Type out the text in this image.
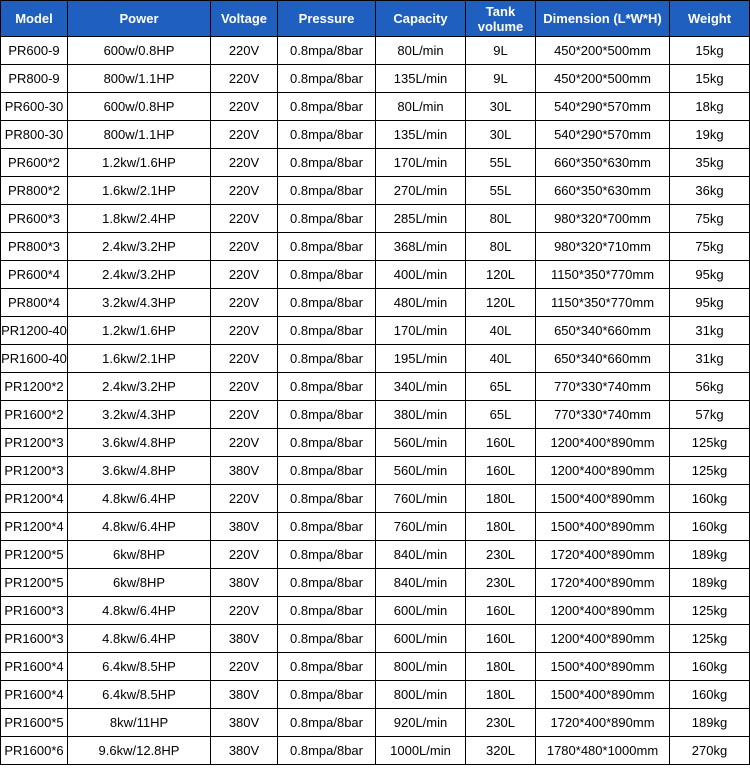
Model	Power	Voltage	Pressure	Capacity	Tank volume	Dimension (L*W*H)	Weight
PR600-9	600w/0.8HP	220V	0.8mpa/8bar	80L/min	9L	450*200*500mm	15kg
PR800-9	800w/1.1HP	220V	0.8mpa/8bar	135L/min	9L	450*200*500mm	15kg
PR600-30	600w/0.8HP	220V	0.8mpa/8bar	80L/min	30L	540*290*570mm	18kg
PR800-30	800w/1.1HP	220V	0.8mpa/8bar	135L/min	30L	540*290*570mm	19kg
PR600*2	1.2kw/1.6HP	220V	0.8mpa/8bar	170L/min	55L	660*350*630mm	35kg
PR800*2	1.6kw/2.1HP	220V	0.8mpa/8bar	270L/min	55L	660*350*630mm	36kg
PR600*3	1.8kw/2.4HP	220V	0.8mpa/8bar	285L/min	80L	980*320*700mm	75kg
PR800*3	2.4kw/3.2HP	220V	0.8mpa/8bar	368L/min	80L	980*320*710mm	75kg
PR600*4	2.4kw/3.2HP	220V	0.8mpa/8bar	400L/min	120L	1150*350*770mm	95kg
PR800*4	3.2kw/4.3HP	220V	0.8mpa/8bar	480L/min	120L	1150*350*770mm	95kg
PR1200-40	1.2kw/1.6HP	220V	0.8mpa/8bar	170L/min	40L	650*340*660mm	31kg
PR1600-40	1.6kw/2.1HP	220V	0.8mpa/8bar	195L/min	40L	650*340*660mm	31kg
PR1200*2	2.4kw/3.2HP	220V	0.8mpa/8bar	340L/min	65L	770*330*740mm	56kg
PR1600*2	3.2kw/4.3HP	220V	0.8mpa/8bar	380L/min	65L	770*330*740mm	57kg
PR1200*3	3.6kw/4.8HP	220V	0.8mpa/8bar	560L/min	160L	1200*400*890mm	125kg
PR1200*3	3.6kw/4.8HP	380V	0.8mpa/8bar	560L/min	160L	1200*400*890mm	125kg
PR1200*4	4.8kw/6.4HP	220V	0.8mpa/8bar	760L/min	180L	1500*400*890mm	160kg
PR1200*4	4.8kw/6.4HP	380V	0.8mpa/8bar	760L/min	180L	1500*400*890mm	160kg
PR1200*5	6kw/8HP	220V	0.8mpa/8bar	840L/min	230L	1720*400*890mm	189kg
PR1200*5	6kw/8HP	380V	0.8mpa/8bar	840L/min	230L	1720*400*890mm	189kg
PR1600*3	4.8kw/6.4HP	220V	0.8mpa/8bar	600L/min	160L	1200*400*890mm	125kg
PR1600*3	4.8kw/6.4HP	380V	0.8mpa/8bar	600L/min	160L	1200*400*890mm	125kg
PR1600*4	6.4kw/8.5HP	220V	0.8mpa/8bar	800L/min	180L	1500*400*890mm	160kg
PR1600*4	6.4kw/8.5HP	380V	0.8mpa/8bar	800L/min	180L	1500*400*890mm	160kg
PR1600*5	8kw/11HP	380V	0.8mpa/8bar	920L/min	230L	1720*400*890mm	189kg
PR1600*6	9.6kw/12.8HP	380V	0.8mpa/8bar	1000L/min	320L	1780*480*1000mm	270kg
